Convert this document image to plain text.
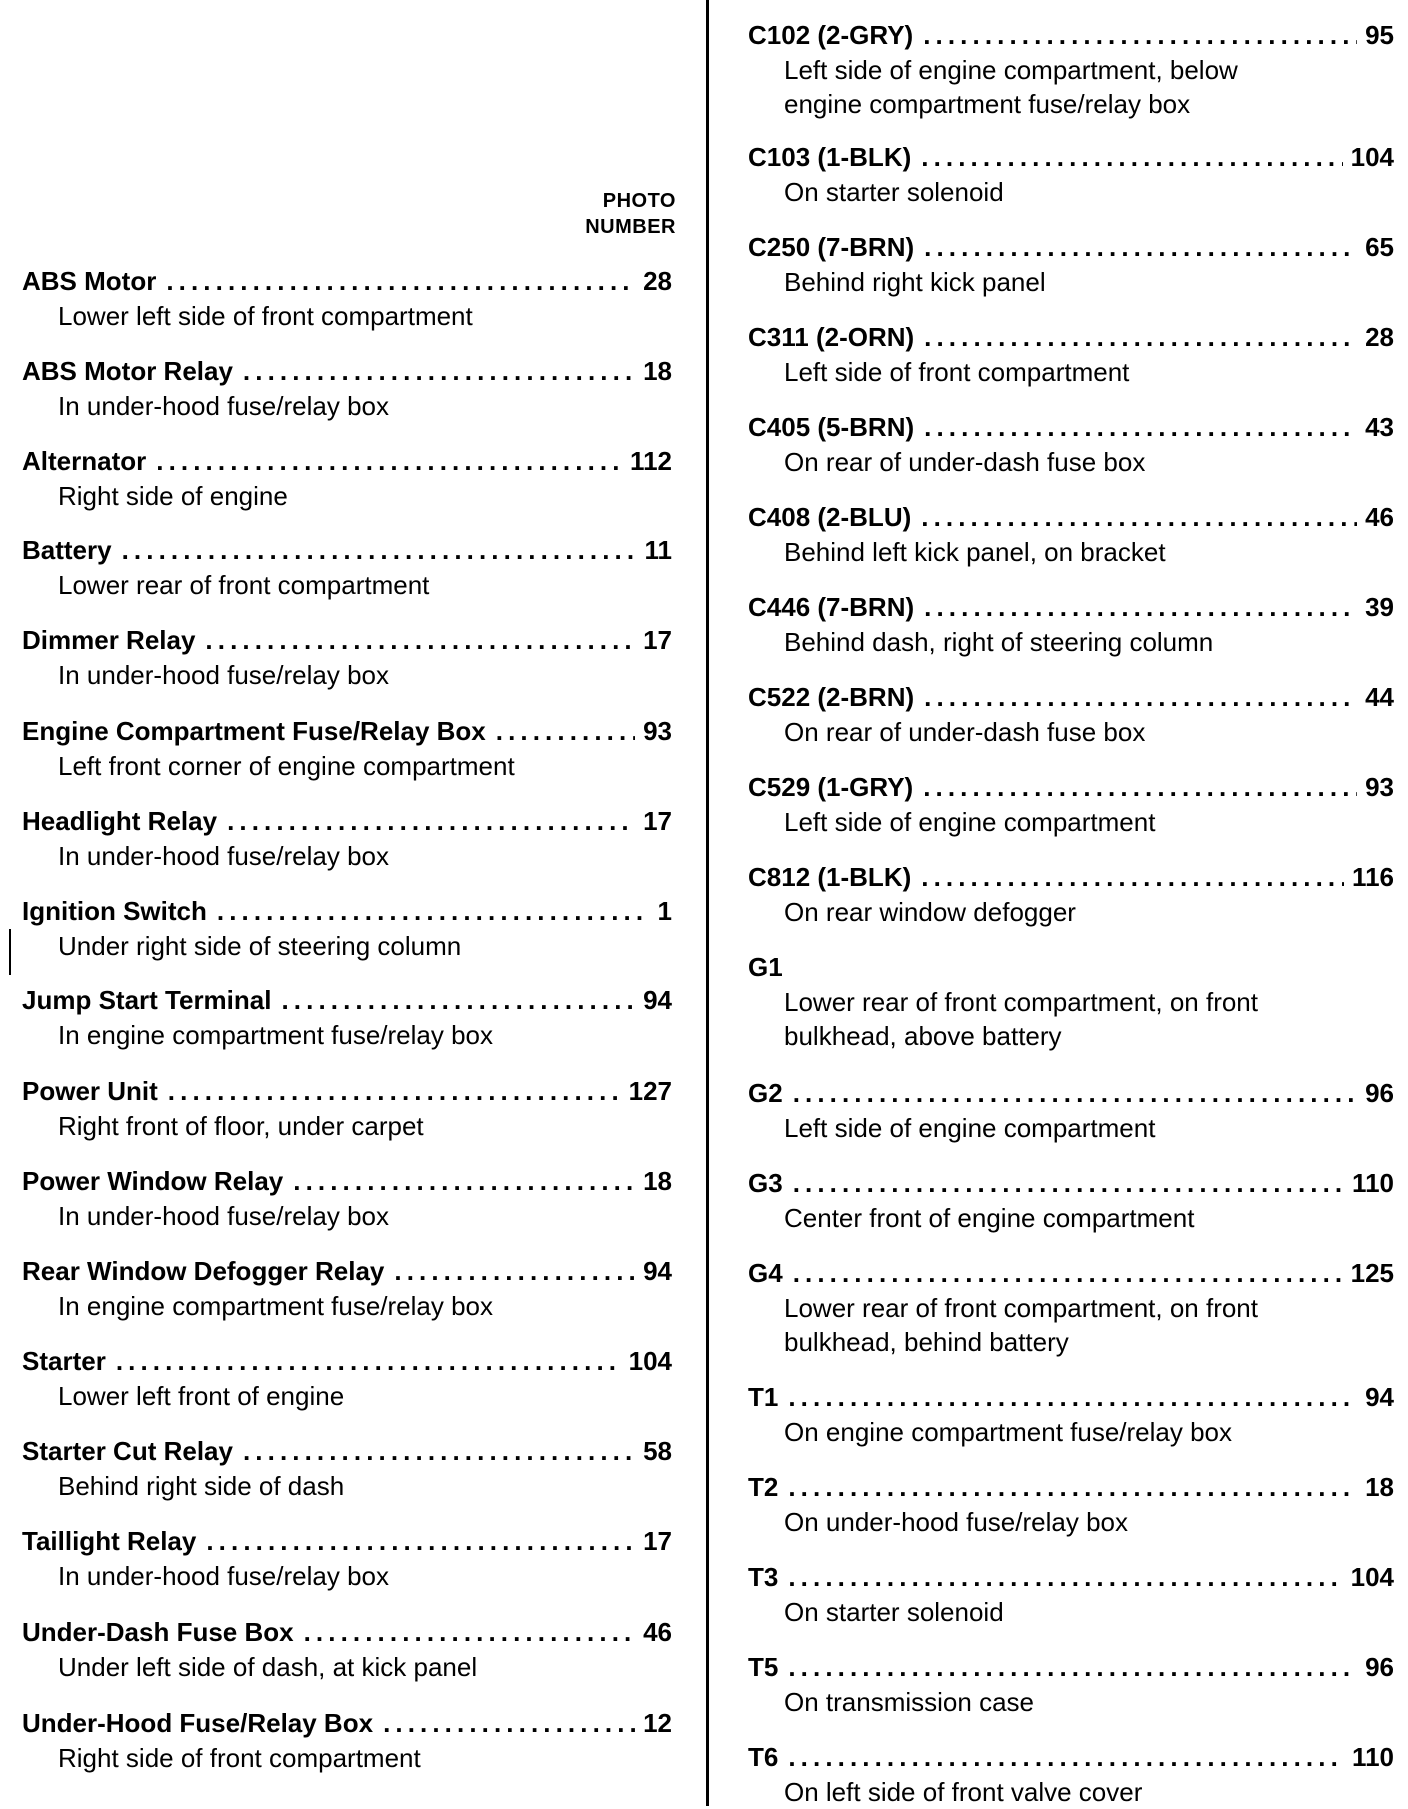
PHOTO
NUMBER
ABS Motor .....	28
Lower left side of front compartment
ABS Motor Relay .....	18
In under-hood fuse/relay box
Alternator .....	112
Right side of engine
Battery .....	11
Lower rear of front compartment
Dimmer Relay .....	17
In under-hood fuse/relay box
Engine Compartment Fuse/Relay Box .....	93
Left front corner of engine compartment
Headlight Relay .....	17
In under-hood fuse/relay box
Ignition Switch .....	1
Under right side of steering column
Jump Start Terminal .....	94
In engine compartment fuse/relay box
Power Unit .....	127
Right front of floor, under carpet
Power Window Relay .....	18
In under-hood fuse/relay box
Rear Window Defogger Relay .....	94
In engine compartment fuse/relay box
Starter .....	104
Lower left front of engine
Starter Cut Relay .....	58
Behind right side of dash
Taillight Relay .....	17
In under-hood fuse/relay box
Under-Dash Fuse Box .....	46
Under left side of dash, at kick panel
Under-Hood Fuse/Relay Box .....	12
Right side of front compartment
C102 (2-GRY) .....	95
Left side of engine compartment, below
engine compartment fuse/relay box
C103 (1-BLK) .....	104
On starter solenoid
C250 (7-BRN) .....	65
Behind right kick panel
C311 (2-ORN) .....	28
Left side of front compartment
C405 (5-BRN) .....	43
On rear of under-dash fuse box
C408 (2-BLU) .....	46
Behind left kick panel, on bracket
C446 (7-BRN) .....	39
Behind dash, right of steering column
C522 (2-BRN) .....	44
On rear of under-dash fuse box
C529 (1-GRY) .....	93
Left side of engine compartment
C812 (1-BLK) .....	116
On rear window defogger
G1
Lower rear of front compartment, on front
bulkhead, above battery
G2 .....	96
Left side of engine compartment
G3 .....	110
Center front of engine compartment
G4 .....	125
Lower rear of front compartment, on front
bulkhead, behind battery
T1 .....	94
On engine compartment fuse/relay box
T2 .....	18
On under-hood fuse/relay box
T3 .....	104
On starter solenoid
T5 .....	96
On transmission case
T6 .....	110
On left side of front valve cover
